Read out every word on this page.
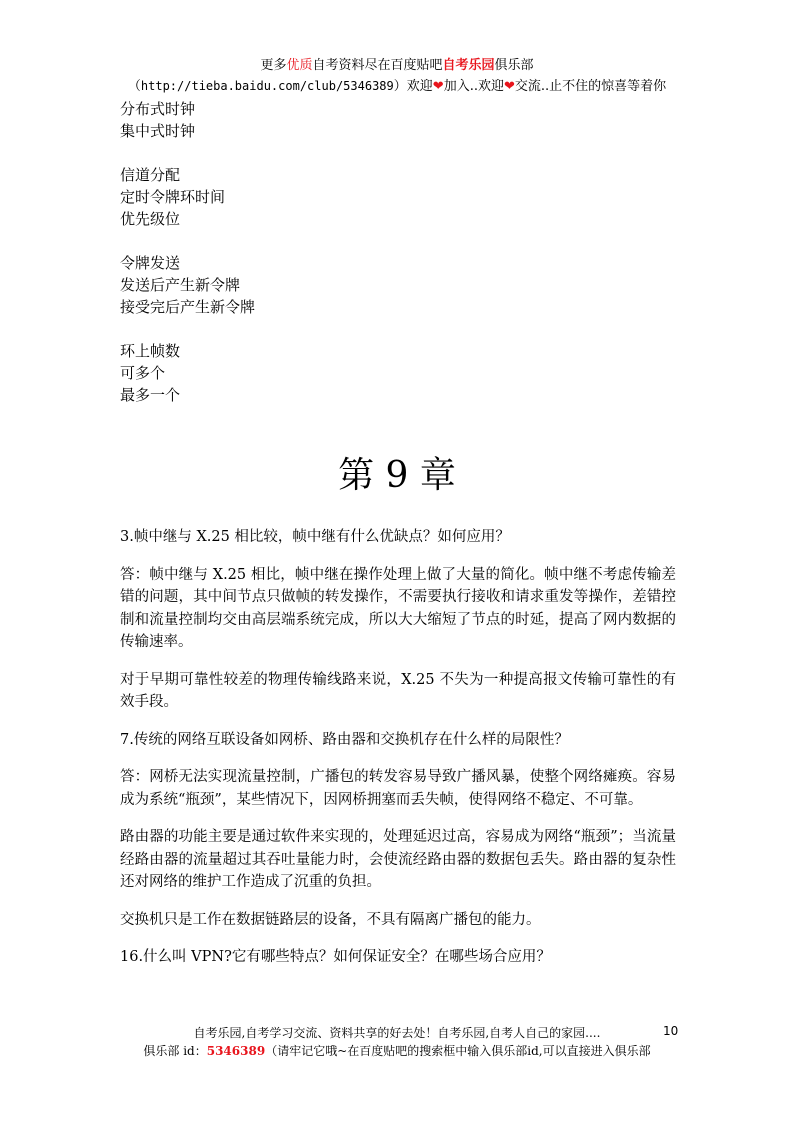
更多优质自考资料尽在百度贴吧自考乐园俱乐部
（http://tieba.baidu.com/club/5346389）欢迎❤加入..欢迎❤交流..止不住的惊喜等着你
分布式时钟
集中式时钟
信道分配
定时令牌环时间
优先级位
令牌发送
发送后产生新令牌
接受完后产生新令牌
环上帧数
可多个
最多一个
第 9 章

3.帧中继与 X.25 相比较，帧中继有什么优缺点？如何应用？

答：帧中继与 X.25 相比，帧中继在操作处理上做了大量的简化。帧中继不考虑传输差错的问题，其中间节点只做帧的转发操作，不需要执行接收和请求重发等操作，差错控制和流量控制均交由高层端系统完成，所以大大缩短了节点的时延，提高了网内数据的传输速率。

对于早期可靠性较差的物理传输线路来说，X.25 不失为一种提高报文传输可靠性的有效手段。

7.传统的网络互联设备如网桥、路由器和交换机存在什么样的局限性？

答：网桥无法实现流量控制，广播包的转发容易导致广播风暴，使整个网络瘫痪。容易成为系统“瓶颈”，某些情况下，因网桥拥塞而丢失帧，使得网络不稳定、不可靠。

路由器的功能主要是通过软件来实现的，处理延迟过高，容易成为网络“瓶颈”；当流量经路由器的流量超过其吞吐量能力时，会使流经路由器的数据包丢失。路由器的复杂性还对网络的维护工作造成了沉重的负担。

交换机只是工作在数据链路层的设备，不具有隔离广播包的能力。

16.什么叫 VPN?它有哪些特点？如何保证安全？在哪些场合应用？

自考乐园,自考学习交流、资料共享的好去处！自考乐园,自考人自己的家园....
俱乐部 id：5346389（请牢记它哦~在百度贴吧的搜索框中输入俱乐部id,可以直接进入俱乐部
10
